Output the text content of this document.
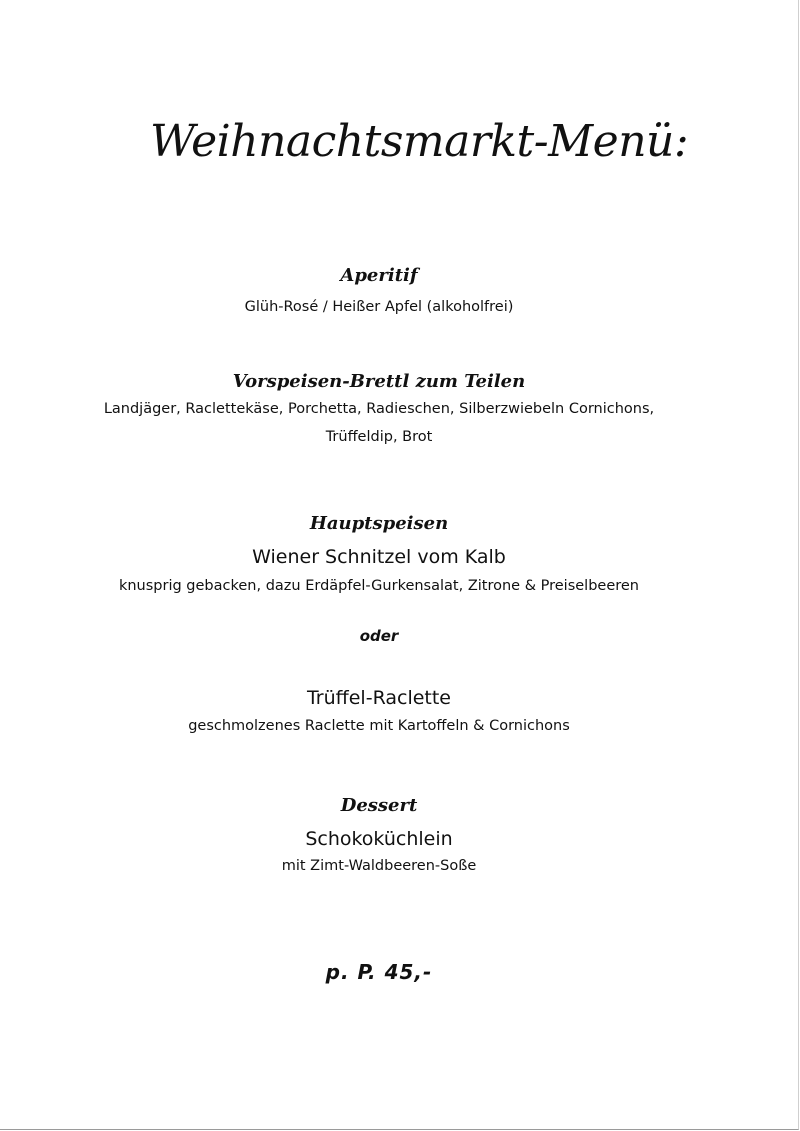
Weihnachtsmarkt-Menü:
Aperitif
Glüh-Rosé / Heißer Apfel (alkoholfrei)
Vorspeisen-Brettl zum Teilen
Landjäger, Raclettekäse, Porchetta, Radieschen, Silberzwiebeln Cornichons,
Trüffeldip, Brot
Hauptspeisen
Wiener Schnitzel vom Kalb
knusprig gebacken, dazu Erdäpfel-Gurkensalat, Zitrone & Preiselbeeren
oder
Trüffel-Raclette
geschmolzenes Raclette mit Kartoffeln & Cornichons
Dessert
Schokoküchlein
mit Zimt-Waldbeeren-Soße
p. P. 45,-
